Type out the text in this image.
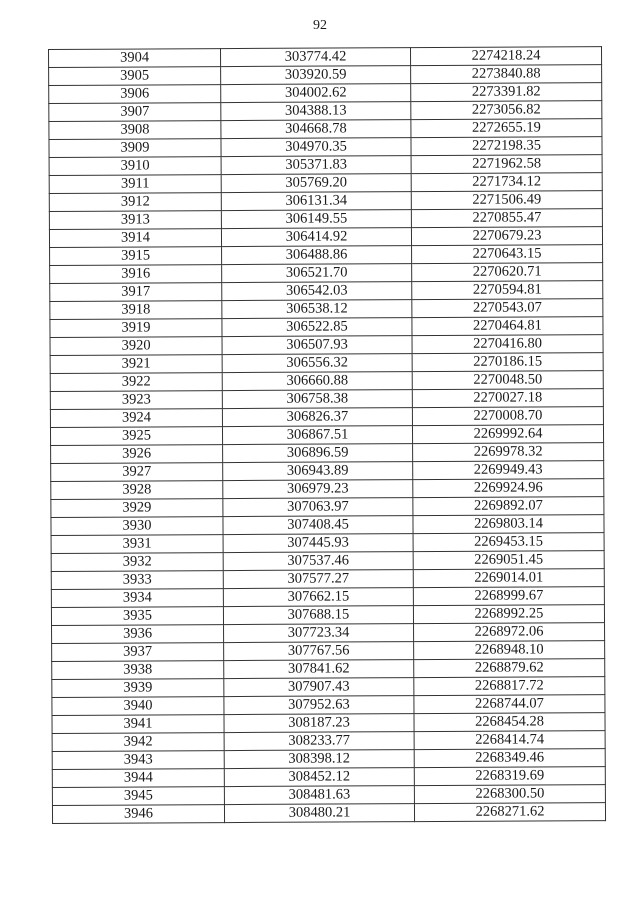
92
3904	303774.42	2274218.24
3905	303920.59	2273840.88
3906	304002.62	2273391.82
3907	304388.13	2273056.82
3908	304668.78	2272655.19
3909	304970.35	2272198.35
3910	305371.83	2271962.58
3911	305769.20	2271734.12
3912	306131.34	2271506.49
3913	306149.55	2270855.47
3914	306414.92	2270679.23
3915	306488.86	2270643.15
3916	306521.70	2270620.71
3917	306542.03	2270594.81
3918	306538.12	2270543.07
3919	306522.85	2270464.81
3920	306507.93	2270416.80
3921	306556.32	2270186.15
3922	306660.88	2270048.50
3923	306758.38	2270027.18
3924	306826.37	2270008.70
3925	306867.51	2269992.64
3926	306896.59	2269978.32
3927	306943.89	2269949.43
3928	306979.23	2269924.96
3929	307063.97	2269892.07
3930	307408.45	2269803.14
3931	307445.93	2269453.15
3932	307537.46	2269051.45
3933	307577.27	2269014.01
3934	307662.15	2268999.67
3935	307688.15	2268992.25
3936	307723.34	2268972.06
3937	307767.56	2268948.10
3938	307841.62	2268879.62
3939	307907.43	2268817.72
3940	307952.63	2268744.07
3941	308187.23	2268454.28
3942	308233.77	2268414.74
3943	308398.12	2268349.46
3944	308452.12	2268319.69
3945	308481.63	2268300.50
3946	308480.21	2268271.62
